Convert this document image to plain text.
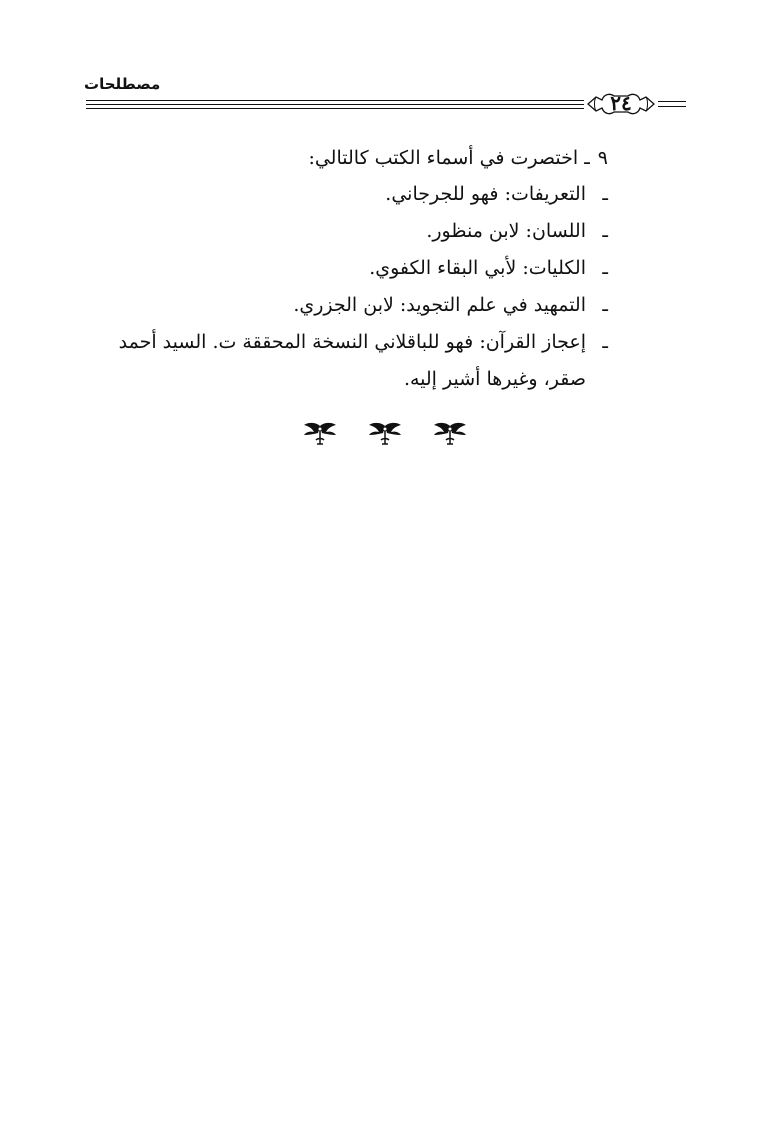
مصطلحات
٢٤
٩ـ اختصرت في أسماء الكتب كالتالي:
ـ
التعريفات: فهو للجرجاني.
ـ
اللسان: لابن منظور.
ـ
الكليات: لأبي البقاء الكفوي.
ـ
التمهيد في علم التجويد: لابن الجزري.
ـ
إعجاز القرآن: فهو للباقلاني النسخة المحققة ت. السيد أحمد
صقر، وغيرها أشير إليه.
